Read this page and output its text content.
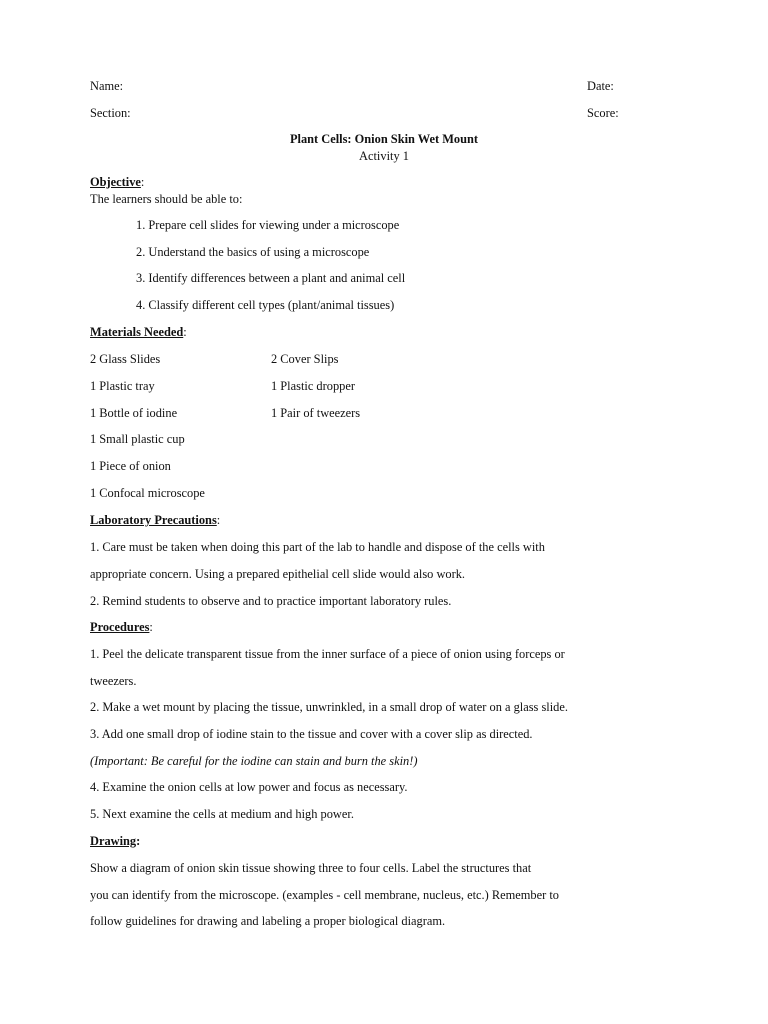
Name:	Date:
Section:	Score:
Plant Cells: Onion Skin Wet Mount
Activity 1
Objective:
The learners should be able to:
1. Prepare cell slides for viewing under a microscope
2. Understand the basics of using a microscope
3. Identify differences between a plant and animal cell
4. Classify different cell types (plant/animal tissues)
Materials Needed:
2 Glass Slides	2 Cover Slips
1 Plastic tray	1 Plastic dropper
1 Bottle of iodine	1 Pair of tweezers
1 Small plastic cup
1 Piece of onion
1 Confocal microscope
Laboratory Precautions:
1. Care must be taken when doing this part of the lab to handle and dispose of the cells with
appropriate concern. Using a prepared epithelial cell slide would also work.
2. Remind students to observe and to practice important laboratory rules.
Procedures:
1. Peel the delicate transparent tissue from the inner surface of a piece of onion using forceps or
tweezers.
2. Make a wet mount by placing the tissue, unwrinkled, in a small drop of water on a glass slide.
3. Add one small drop of iodine stain to the tissue and cover with a cover slip as directed.
(Important: Be careful for the iodine can stain and burn the skin!)
4. Examine the onion cells at low power and focus as necessary.
5. Next examine the cells at medium and high power.
Drawing:
Show a diagram of onion skin tissue showing three to four cells. Label the structures that
you can identify from the microscope. (examples - cell membrane, nucleus, etc.) Remember to
follow guidelines for drawing and labeling a proper biological diagram.
